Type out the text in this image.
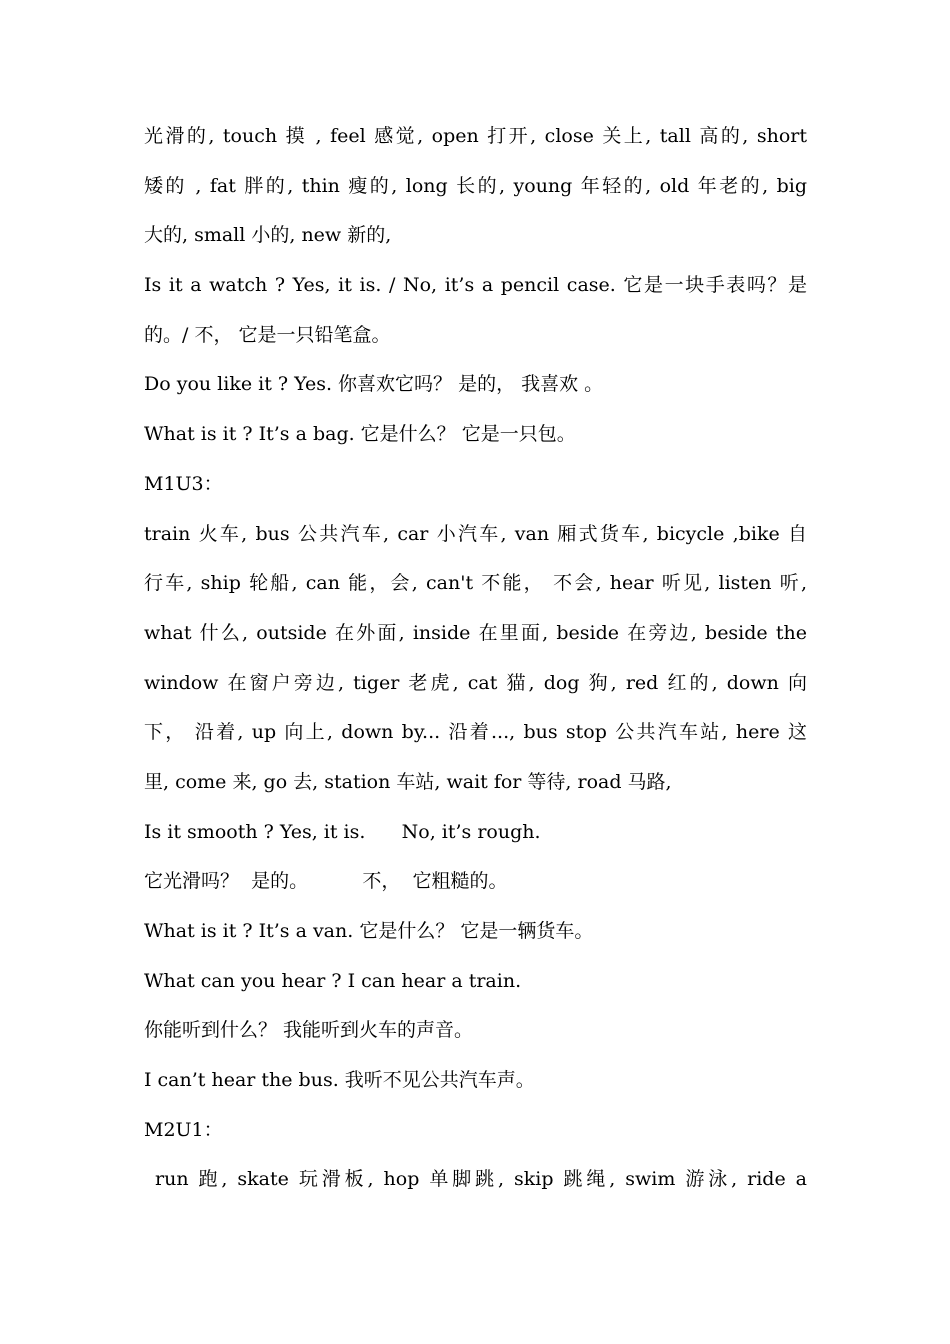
光滑的, touch 摸 , feel 感觉, open 打开, close 关上, tall 高的, short
矮的 , fat 胖的, thin 瘦的, long 长的, young 年轻的, old 年老的, big
大的, small 小的, new 新的,
Is it a watch ? Yes, it is. / No, it’s a pencil case. 它是一块手表吗？是
的。/ 不， 它是一只铅笔盒。
Do you like it ? Yes. 你喜欢它吗？ 是的， 我喜欢 。
What is it ? It’s a bag. 它是什么？ 它是一只包。
M1U3：
train 火车, bus 公共汽车, car 小汽车, van 厢式货车, bicycle ,bike 自
行车, ship 轮船, can 能，会, can't 不能， 不会, hear 听见, listen 听,
what 什么, outside 在外面, inside 在里面, beside 在旁边, beside the
window 在窗户旁边, tiger 老虎, cat 猫, dog 狗, red 红的, down 向
下， 沿着, up 向上, down by... 沿着..., bus stop 公共汽车站, here 这
里, come 来, go 去, station 车站, wait for 等待, road 马路,
Is it smooth ? Yes, it is.      No, it’s rough.
它光滑吗？  是的。         不，  它粗糙的。
What is it ? It’s a van. 它是什么？ 它是一辆货车。
What can you hear ? I can hear a train.
你能听到什么？ 我能听到火车的声音。
I can’t hear the bus. 我听不见公共汽车声。
M2U1：
run 跑, skate 玩滑板, hop 单脚跳, skip 跳绳, swim 游泳, ride a
